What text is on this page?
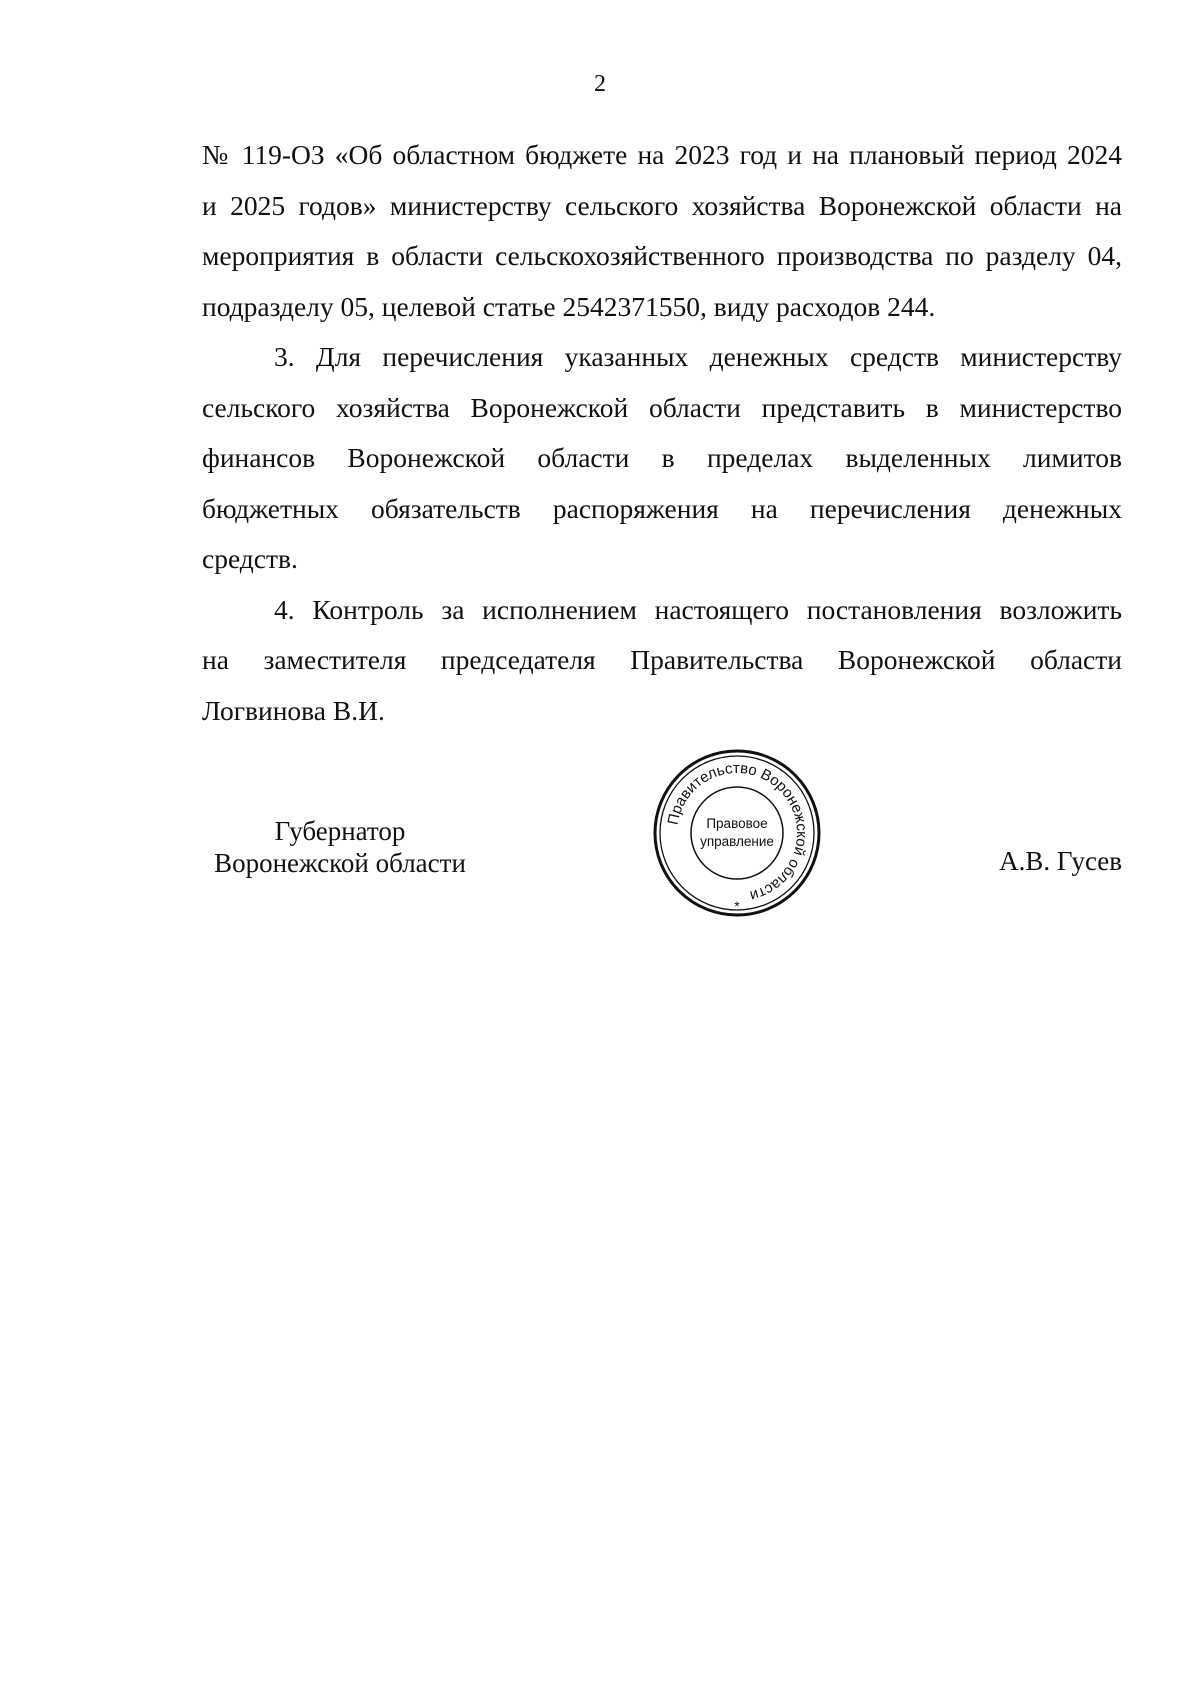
2

№ 119-ОЗ «Об областном бюджете на 2023 год и на плановый период 2024
и 2025 годов» министерству сельского хозяйства Воронежской области на
мероприятия в области сельскохозяйственного производства по разделу 04,
подразделу 05, целевой статье 2542371550, виду расходов 244.

3. Для перечисления указанных денежных средств министерству
сельского хозяйства Воронежской области представить в министерство
финансов Воронежской области в пределах выделенных лимитов
бюджетных обязательств распоряжения на перечисления денежных
средств.

4. Контроль за исполнением настоящего постановления возложить
на заместителя председателя Правительства Воронежской области
Логвинова В.И.

Губернатор
Воронежской области
Правительство Воронежской области
Правовое
управление
*
А.В. Гусев
